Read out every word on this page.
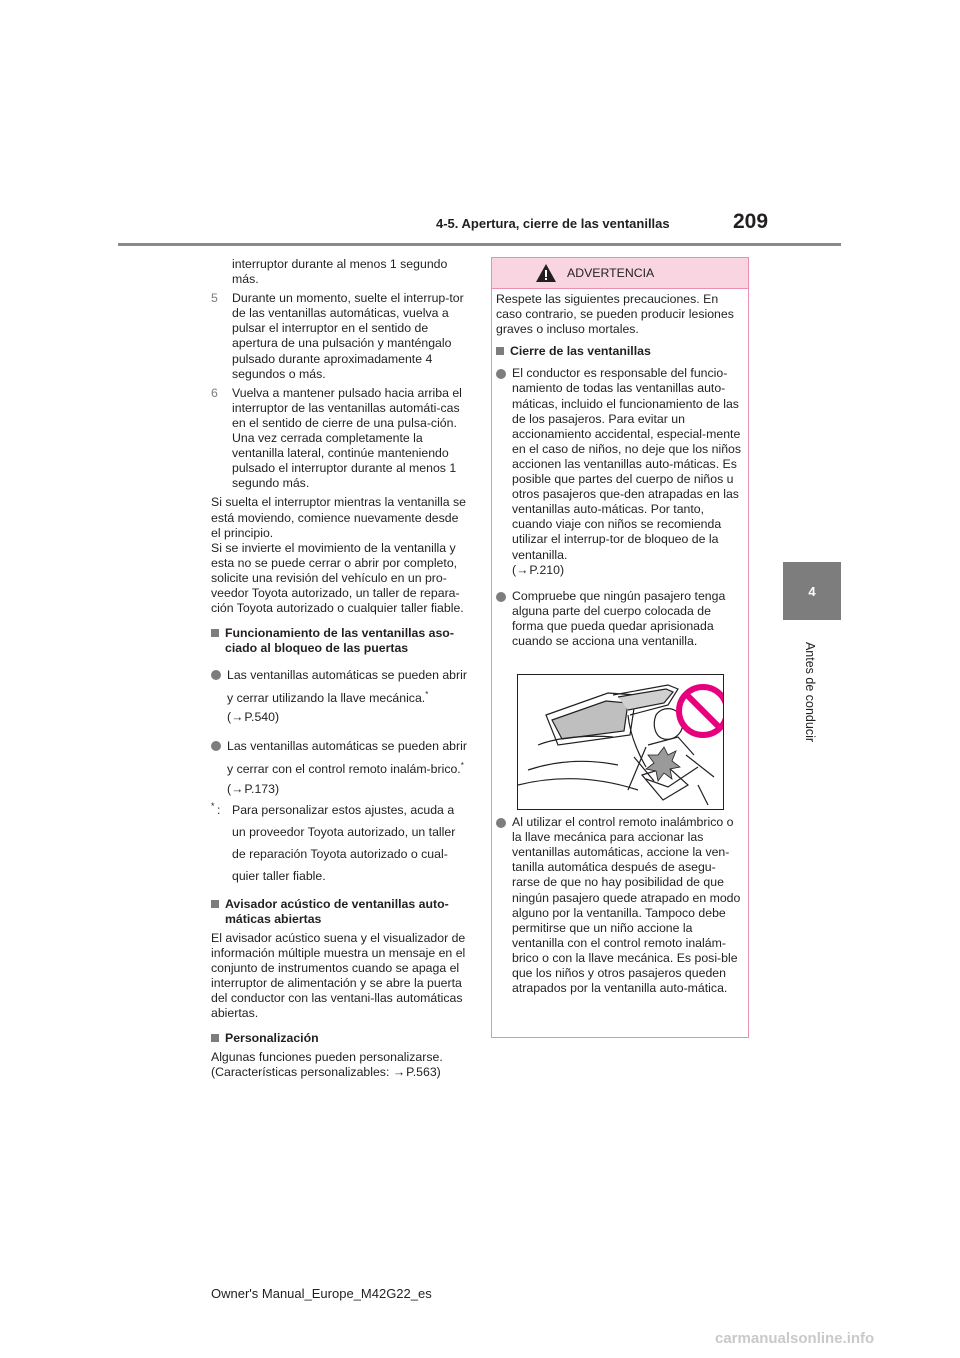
4-5. Apertura, cierre de las ventanillas	209
4
Antes de conducir

interruptor durante al menos 1 segundo más.

5 Durante un momento, suelte el interrup-tor de las ventanillas automáticas, vuelva a pulsar el interruptor en el sentido de apertura de una pulsación y manténgalo pulsado durante aproximadamente 4 segundos o más.
6 Vuelva a mantener pulsado hacia arriba el interruptor de las ventanillas automáti-cas en el sentido de cierre de una pulsa-ción. Una vez cerrada completamente la ventanilla lateral, continúe manteniendo pulsado el interruptor durante al menos 1 segundo más.

Si suelta el interruptor mientras la ventanilla se está moviendo, comience nuevamente desde el principio.

Si se invierte el movimiento de la ventanilla y esta no se puede cerrar o abrir por completo, solicite una revisión del vehículo en un pro-veedor Toyota autorizado, un taller de repara-ción Toyota autorizado o cualquier taller fiable.

Funcionamiento de las ventanillas aso-ciado al bloqueo de las puertas

Las ventanillas automáticas se pueden abrir y cerrar utilizando la llave mecánica.*
(→P.540)

Las ventanillas automáticas se pueden abrir y cerrar con el control remoto inalám-brico.* (→P.173)

* : Para personalizar estos ajustes, acuda a un proveedor Toyota autorizado, un taller de reparación Toyota autorizado o cual-quier taller fiable.

Avisador acústico de ventanillas auto-máticas abiertas

El avisador acústico suena y el visualizador de información múltiple muestra un mensaje en el conjunto de instrumentos cuando se apaga el interruptor de alimentación y se abre la puerta del conductor con las ventani-llas automáticas abiertas.

Personalización

Algunas funciones pueden personalizarse. (Características personalizables: →P.563)

ADVERTENCIA

Respete las siguientes precauciones. En caso contrario, se pueden producir lesiones graves o incluso mortales.

Cierre de las ventanillas

El conductor es responsable del funcio-namiento de todas las ventanillas auto-máticas, incluido el funcionamiento de las de los pasajeros. Para evitar un accionamiento accidental, especial-mente en el caso de niños, no deje que los niños accionen las ventanillas auto-máticas. Es posible que partes del cuerpo de niños u otros pasajeros que-den atrapadas en las ventanillas auto-máticas. Por tanto, cuando viaje con niños se recomienda utilizar el interrup-tor de bloqueo de la ventanilla.
(→P.210)

Compruebe que ningún pasajero tenga alguna parte del cuerpo colocada de forma que pueda quedar aprisionada cuando se acciona una ventanilla.

Al utilizar el control remoto inalámbrico o la llave mecánica para accionar las ventanillas automáticas, accione la ven-tanilla automática después de asegu-rarse de que no hay posibilidad de que ningún pasajero quede atrapado en modo alguno por la ventanilla. Tampoco debe permitirse que un niño accione la ventanilla con el control remoto inalám-brico o con la llave mecánica. Es posi-ble que los niños y otros pasajeros queden atrapados por la ventanilla auto-mática.

Owner's Manual_Europe_M42G22_es
carmanualsonline.info
